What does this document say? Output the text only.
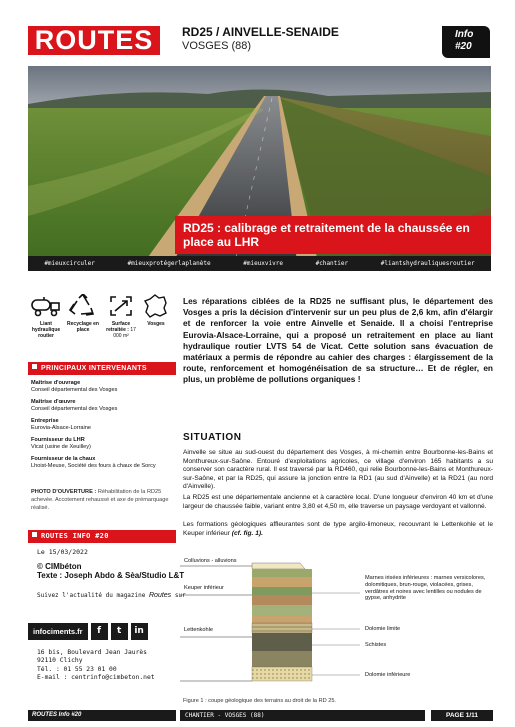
ROUTES	RD25 / AINVELLE-SENAIDE
VOSGES (88)
Info
#20
RD25 : calibrage et retraitement de la chaussée en place au LHR
#mieuxcirculer	#mieuxprotégerlaplanète	#mieuxvivre	#chantier	#liantshydrauliquesroutier
Liant hydraulique routier
Recyclage en place
Surface retraitée : 17 000 m²
Vosges
PRINCIPAUX INTERVENANTS
Maîtrise d'ouvrage
Conseil départemental des Vosges
Maîtrise d'œuvre
Conseil départemental des Vosges
Entreprise
Eurovia-Alsace-Lorraine
Fournisseur du LHR
Vicat (usine de Xeuilley)
Fournisseur de la chaux
Lhoist-Meuse, Société des fours à chaux de Sorcy
PHOTO D'OUVERTURE : Réhabilitation de la RD25 achevée. Accotement rehaussé et axe de prémarquage réalisé.
ROUTES INFO #20
Le 15/03/2022
© CIMbéton
Texte : Joseph Abdo & Sèa/Studio L&T
Suivez l'actualité du magazine Routes sur
infociments.fr	f	t	in
16 bis, Boulevard Jean Jaurès
92110 Clichy
Tél. : 01 55 23 01 00
E-mail : centrinfo@cimbeton.net
Les réparations ciblées de la RD25 ne suffisant plus, le département des Vosges a pris la décision d'intervenir sur un peu plus de 2,6 km, afin d'élargir et de renforcer la voie entre Ainvelle et Senaide. Il a choisi l'entreprise Eurovia-Alsace-Lorraine, qui a proposé un retraitement en place au liant hydraulique routier LVTS 54 de Vicat. Cette solution sans évacuation de matériaux a permis de répondre au cahier des charges : élargissement de la route, renforcement et homogénéisation de sa structure… Et de régler, en plus, un problème de pollutions organiques !
SITUATION
Ainvelle se situe au sud-ouest du département des Vosges, à mi-chemin entre Bourbonne-les-Bains et Monthureux-sur-Saône. Entouré d'exploitations agricoles, ce village d'environ 165 habitants a su conserver son caractère rural. Il est traversé par la RD460, qui relie Bourbonne-les-Bains et Monthureux-sur-Saône, et par la RD25, qui assure la jonction entre la RD1 (au sud d'Ainvelle) et la RD21 (au nord d'Ainvelle).
La RD25 est une départementale ancienne et à caractère local. D'une longueur d'environ 40 km et d'une largeur de chaussée faible, variant entre 3,80 et 4,50 m, elle traverse un paysage verdoyant et vallonné.
Les formations géologiques affleurantes sont de type argilo-limoneux, recouvrant le Lettenkohle et le Keuper inférieur (cf. fig. 1).
Colluvions - alluvions
Keuper inférieur
Lettenkohle
Marnes irisées inférieures : marnes versicolores, dolomitiques, brun-rouge, violacées, grises, verdâtres et noires avec lentilles ou nodules de gypse, anhydrite
Dolomie limite
Schistes
Dolomie inférieure
Figure 1 : coupe géologique des terrains au droit de la RD 25.
ROUTES Info #20	CHANTIER - VOSGES (88)	PAGE 1/11
